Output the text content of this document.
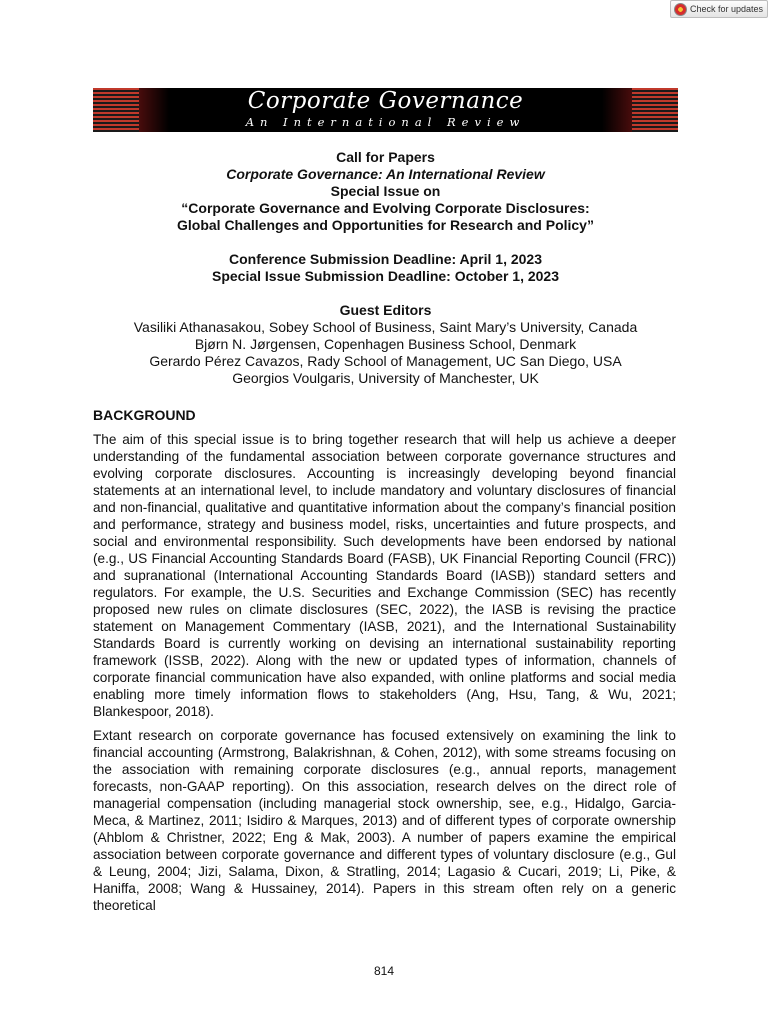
Check for updates
Corporate Governance
An International Review
Call for Papers
Corporate Governance: An International Review
Special Issue on
“Corporate Governance and Evolving Corporate Disclosures:
Global Challenges and Opportunities for Research and Policy”
Conference Submission Deadline: April 1, 2023
Special Issue Submission Deadline: October 1, 2023
Guest Editors
Vasiliki Athanasakou, Sobey School of Business, Saint Mary’s University, Canada
Bjørn N. Jørgensen, Copenhagen Business School, Denmark
Gerardo Pérez Cavazos, Rady School of Management, UC San Diego, USA
Georgios Voulgaris, University of Manchester, UK
BACKGROUND

The aim of this special issue is to bring together research that will help us achieve a deeper understanding of the fundamental association between corporate governance structures and evolving corporate disclosures. Accounting is increasingly developing beyond financial statements at an international level, to include mandatory and voluntary disclosures of financial and non-financial, qualitative and quantitative information about the company’s financial position and performance, strategy and business model, risks, uncertainties and future prospects, and social and environmental responsibility. Such developments have been endorsed by national (e.g., US Financial Accounting Standards Board (FASB), UK Financial Reporting Council (FRC)) and supranational (International Accounting Standards Board (IASB)) standard setters and regulators. For example, the U.S. Securities and Exchange Commission (SEC) has recently proposed new rules on climate disclosures (SEC, 2022), the IASB is revising the practice statement on Management Commentary (IASB, 2021), and the International Sustainability Standards Board is currently working on devising an international sustainability reporting framework (ISSB, 2022). Along with the new or updated types of information, channels of corporate financial communication have also expanded, with online platforms and social media enabling more timely information flows to stakeholders (Ang, Hsu, Tang, & Wu, 2021; Blankespoor, 2018).

Extant research on corporate governance has focused extensively on examining the link to financial accounting (Armstrong, Balakrishnan, & Cohen, 2012), with some streams focusing on the association with remaining corporate disclosures (e.g., annual reports, management forecasts, non-GAAP reporting). On this association, research delves on the direct role of managerial compensation (including managerial stock ownership, see, e.g., Hidalgo, Garcia-Meca, & Martinez, 2011; Isidiro & Marques, 2013) and of different types of corporate ownership (Ahblom & Christner, 2022; Eng & Mak, 2003). A number of papers examine the empirical association between corporate governance and different types of voluntary disclosure (e.g., Gul & Leung, 2004; Jizi, Salama, Dixon, & Stratling, 2014; Lagasio & Cucari, 2019; Li, Pike, & Haniffa, 2008; Wang & Hussainey, 2014). Papers in this stream often rely on a generic theoretical

814
